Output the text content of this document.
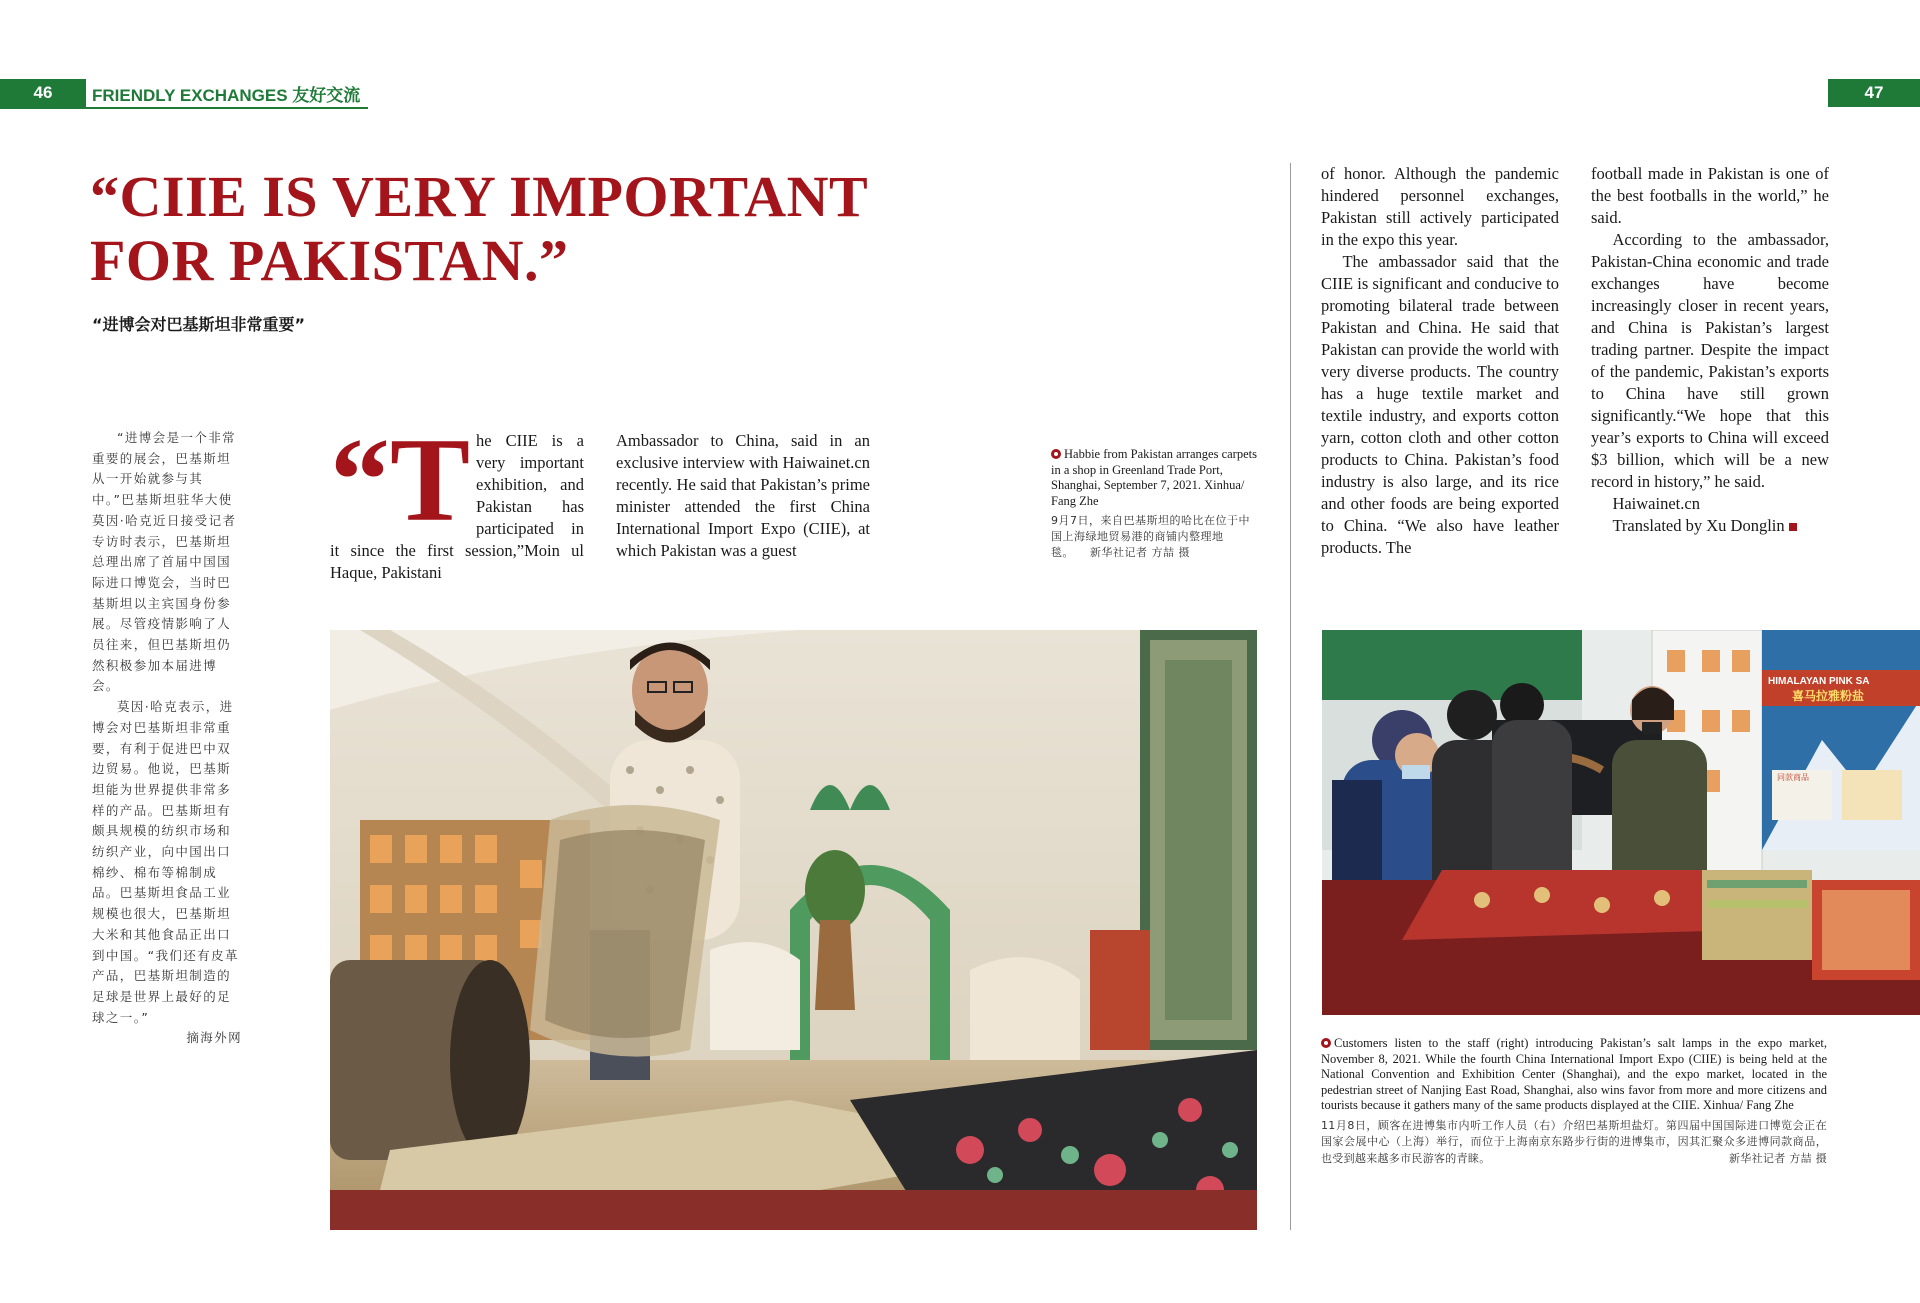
46	FRIENDLY EXCHANGES 友好交流	47
“CIIE IS VERY IMPORTANT
FOR PAKISTAN.”
“进博会对巴基斯坦非常重要”

“进博会是一个非常重要的展会，巴基斯坦从一开始就参与其中。”巴基斯坦驻华大使莫因·哈克近日接受记者专访时表示，巴基斯坦总理出席了首届中国国际进口博览会，当时巴基斯坦以主宾国身份参展。尽管疫情影响了人员往来，但巴基斯坦仍然积极参加本届进博会。

莫因·哈克表示，进博会对巴基斯坦非常重要，有利于促进巴中双边贸易。他说，巴基斯坦能为世界提供非常多样的产品。巴基斯坦有颇具规模的纺织市场和纺织产业，向中国出口棉纱、棉布等棉制成品。巴基斯坦食品工业规模也很大，巴基斯坦大米和其他食品正出口到中国。“我们还有皮革产品，巴基斯坦制造的足球是世界上最好的足球之一。”

摘海外网

“T he CIIE is a very important exhibition, and Pakistan has participated in it since the first session,”Moin ul Haque, Pakistani

Ambassador to China, said in an exclusive interview with Haiwainet.cn recently. He said that Pakistan’s prime minister attended the first China International Import Expo (CIIE), at which Pakistan was a guest

Habbie from Pakistan arranges carpets in a shop in Greenland Trade Port, Shanghai, September 7, 2021. Xinhua/ Fang Zhe
9月7日，来自巴基斯坦的哈比在位于中国上海绿地贸易港的商铺内整理地毯。 新华社记者 方喆 摄

of honor. Although the pandemic hindered personnel exchanges, Pakistan still actively participated in the expo this year.

The ambassador said that the CIIE is significant and conducive to promoting bilateral trade between Pakistan and China. He said that Pakistan can provide the world with very diverse products. The country has a huge textile market and textile industry, and exports cotton yarn, cotton cloth and other cotton products to China. Pakistan’s food industry is also large, and its rice and other foods are being exported to China. “We also have leather products. The

football made in Pakistan is one of the best footballs in the world,” he said.

According to the ambassador, Pakistan-China economic and trade exchanges have become increasingly closer in recent years, and China is Pakistan’s largest trading partner. Despite the impact of the pandemic, Pakistan’s exports to China have still grown significantly.“We hope that this year’s exports to China will exceed $3 billion, which will be a new record in history,” he said.

Haiwainet.cn

Translated by Xu Donglin

HIMALAYAN PINK SA
喜马拉雅粉盐
同款商品
Customers listen to the staff (right) introducing Pakistan’s salt lamps in the expo market, November 8, 2021. While the fourth China International Import Expo (CIIE) is being held at the National Convention and Exhibition Center (Shanghai), and the expo market, located in the pedestrian street of Nanjing East Road, Shanghai, also wins favor from more and more citizens and tourists because it gathers many of the same products displayed at the CIIE. Xinhua/ Fang Zhe
11月8日，顾客在进博集市内听工作人员（右）介绍巴基斯坦盐灯。第四届中国国际进口博览会正在国家会展中心（上海）举行，而位于上海南京东路步行街的进博集市，因其汇聚众多进博同款商品，也受到越来越多市民游客的青睐。	新华社记者 方喆 摄
